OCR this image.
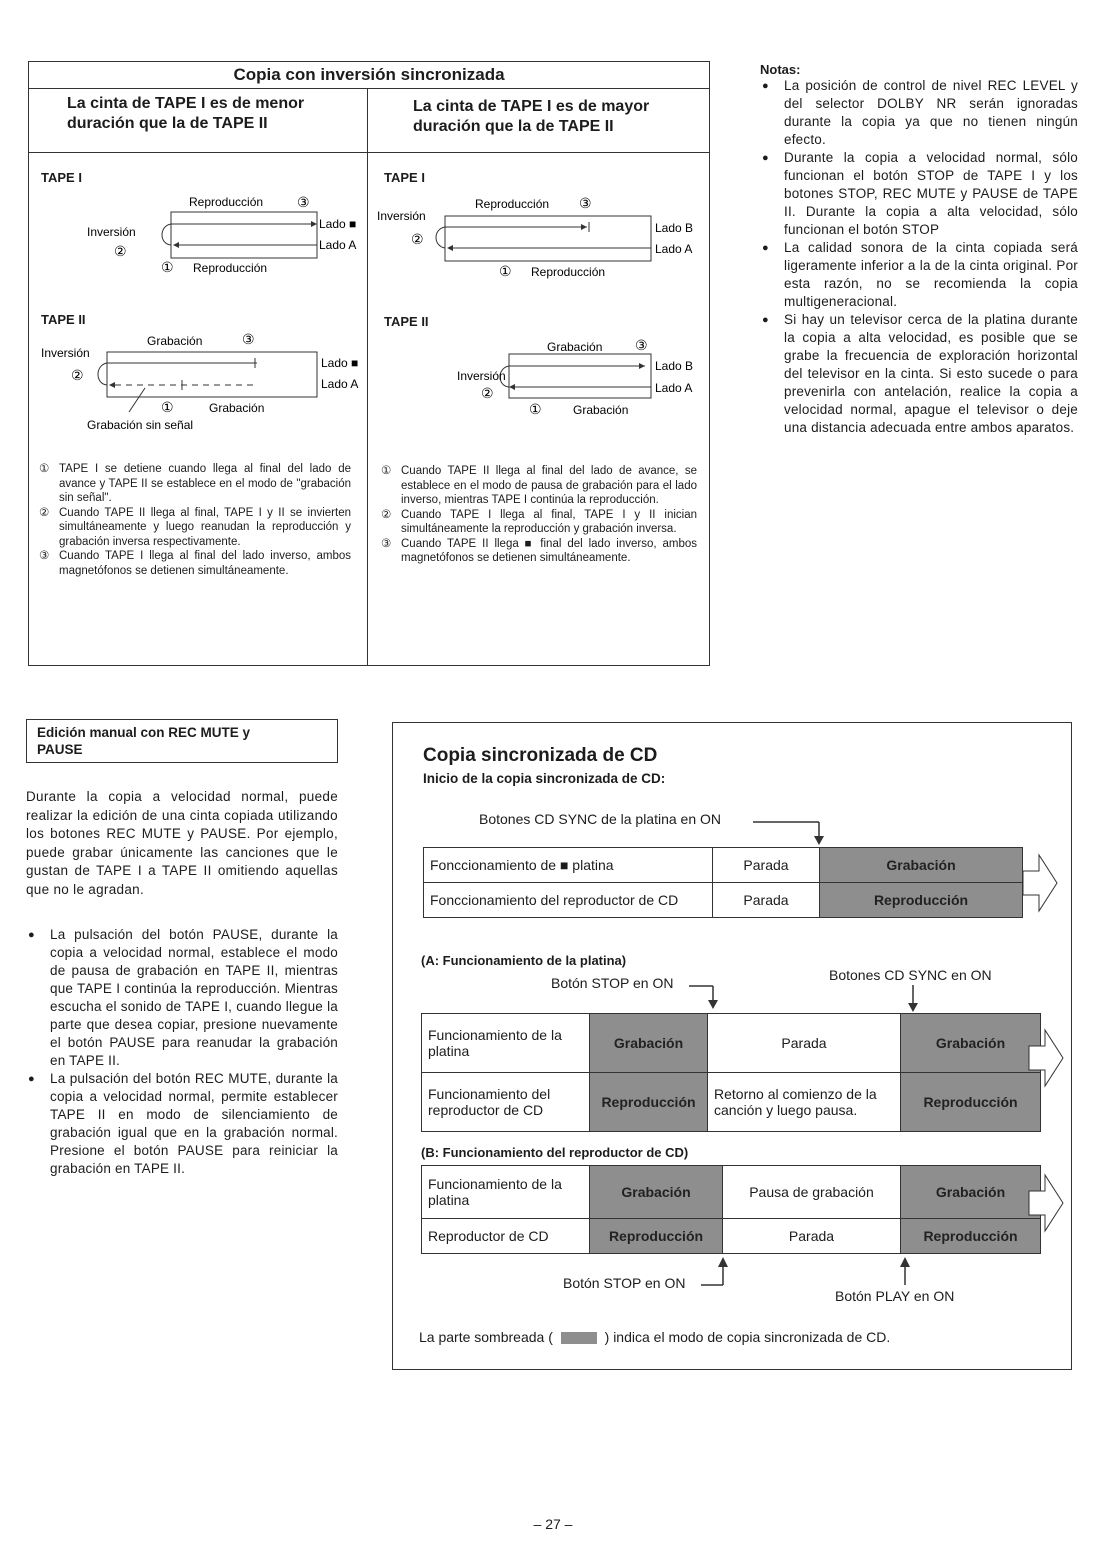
Copia con inversión sincronizada
La cinta de TAPE I es de menor duración que la de TAPE II
La cinta de TAPE I es de mayor duración que la de TAPE II
TAPE I
Reproducción ③
Lado ■
Lado A
Inversión
②
① Reproducción
TAPE II
Grabación	③
Inversión
②
Lado ■
Lado A
①	Grabación
Grabación sin señal
① TAPE I se detiene cuando llega al final del lado de avance y TAPE II se establece en el modo de "grabación sin señal".
② Cuando TAPE II llega al final, TAPE I y II se invierten simultáneamente y luego reanudan la reproducción y grabación inversa respectivamente.
③ Cuando TAPE I llega al final del lado inverso, ambos magnetófonos se detienen simultáneamente.
TAPE I
Inversión
Reproducción ③
②
Lado B
Lado A
① Reproducción
TAPE II
Grabación ③
Inversión
②
Lado B
Lado A
①	Grabación
① Cuando TAPE II llega al final del lado de avance, se establece en el modo de pausa de grabación para el lado inverso, mientras TAPE I continúa la reproducción.
② Cuando TAPE I llega al final, TAPE I y II inician simultáneamente la reproducción y grabación inversa.
③ Cuando TAPE II llega ■ final del lado inverso, ambos magnetófonos se detienen simultáneamente.
Notas:
● La posición de control de nivel REC LEVEL y del selector DOLBY NR serán ignoradas durante la copia ya que no tienen ningún efecto.
● Durante la copia a velocidad normal, sólo funcionan el botón STOP de TAPE I y los botones STOP, REC MUTE y PAUSE de TAPE II. Durante la copia a alta velocidad, sólo funcionan el botón STOP
● La calidad sonora de la cinta copiada será ligeramente inferior a la de la cinta original. Por esta razón, no se recomienda la copia multigeneracional.
● Si hay un televisor cerca de la platina durante la copia a alta velocidad, es posible que se grabe la frecuencia de exploración horizontal del televisor en la cinta. Si esto sucede o para prevenirla con antelación, realice la copia a velocidad normal, apague el televisor o deje una distancia adecuada entre ambos aparatos.
Edición manual con REC MUTE y PAUSE
Durante la copia a velocidad normal, puede realizar la edición de una cinta copiada utilizando los botones REC MUTE y PAUSE. Por ejemplo, puede grabar únicamente las canciones que le gustan de TAPE I a TAPE II omitiendo aquellas que no le agradan.
● La pulsación del botón PAUSE, durante la copia a velocidad normal, establece el modo de pausa de grabación en TAPE II, mientras que TAPE I continúa la reproducción. Mientras escucha el sonido de TAPE I, cuando llegue la parte que desea copiar, presione nuevamente el botón PAUSE para reanudar la grabación en TAPE II.
● La pulsación del botón REC MUTE, durante la copia a velocidad normal, permite establecer TAPE II en modo de silenciamiento de grabación igual que en la grabación normal. Presione el botón PAUSE para reiniciar la grabación en TAPE II.
Copia sincronizada de CD
Inicio de la copia sincronizada de CD:
Botones CD SYNC de la platina en ON
Fonccionamiento de ■ platina	Parada	Grabación
Fonccionamiento del reproductor de CD	Parada	Reproducción
(A: Funcionamiento de la platina)
Botón STOP en ON	Botones CD SYNC en ON
Funcionamiento de la platina	Grabación	Parada	Grabación
Funcionamiento del reproductor de CD	Reproducción	Retorno al comienzo de la canción y luego pausa.	Reproducción
(B: Funcionamiento del reproductor de CD)
Funcionamiento de la platina	Grabación	Pausa de grabación	Grabación
Reproductor de CD	Reproducción	Parada	Reproducción
Botón STOP en ON
Botón PLAY en ON
La parte sombreada (	) indica el modo de copia sincronizada de CD.
– 27 –
